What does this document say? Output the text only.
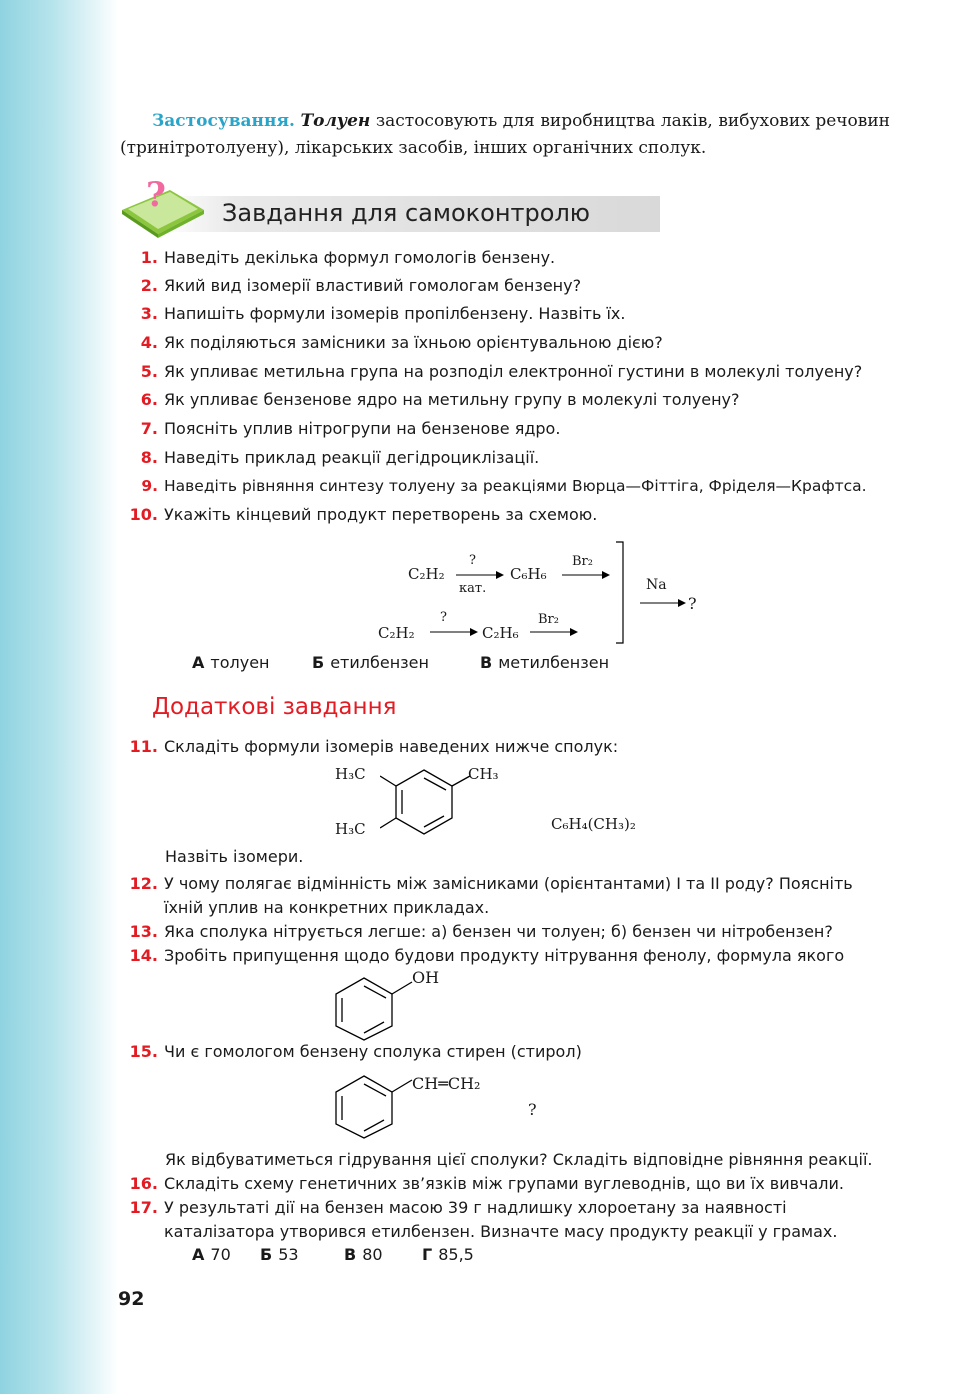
Застосування. Толуен застосовують для виробництва лаків, вибухових речовин (тринітротолуену), лікарських засобів, інших органічних сполук.
? Завдання для самоконтролю
1. Наведіть декілька формул гомологів бензену.
2. Який вид ізомерії властивий гомологам бензену?
3. Напишіть формули ізомерів пропілбензену. Назвіть їх.
4. Як поділяються замісники за їхньою орієнтувальною дією?
5. Як упливає метильна група на розподіл електронної густини в молекулі толуену?
6. Як упливає бензенове ядро на метильну групу в молекулі толуену?
7. Поясніть уплив нітрогрупи на бензенове ядро.
8. Наведіть приклад реакції дегідроциклізації.
9. Наведіть рівняння синтезу толуену за реакціями Вюрца—Фіттіга, Фріделя—Крафтса.
10. Укажіть кінцевий продукт перетворень за схемою.
C₂H₂
?
кат.
C₆H₆
Br₂
C₂H₂
?
C₂H₆
Br₂
Na
?
А толуен	Б етилбензен	В метилбензен
Додаткові завдання
11. Складіть формули ізомерів наведених нижче сполук:
H₃C	CH₃
H₃C	C₆H₄(CH₃)₂
Назвіть ізомери.
12. У чому полягає відмінність між замісниками (орієнтантами) І та ІІ роду? Поясніть їхній уплив на конкретних прикладах.
13. Яка сполука нітрується легше: а) бензен чи толуен; б) бензен чи нітробензен?
14. Зробіть припущення щодо будови продукту нітрування фенолу, формула якого
OH
15. Чи є гомологом бензену сполука стирен (стирол)
CH═CH₂
?
Як відбуватиметься гідрування цієї сполуки? Складіть відповідне рівняння реакції.
16. Складіть схему генетичних зв’язків між групами вуглеводнів, що ви їх вивчали.
17. У результаті дії на бензен масою 39 г надлишку хлороетану за наявності каталізатора утворився етилбензен. Визначте масу продукту реакції у грамах.
А 70 Б 53	В 80 Г 85,5
92
